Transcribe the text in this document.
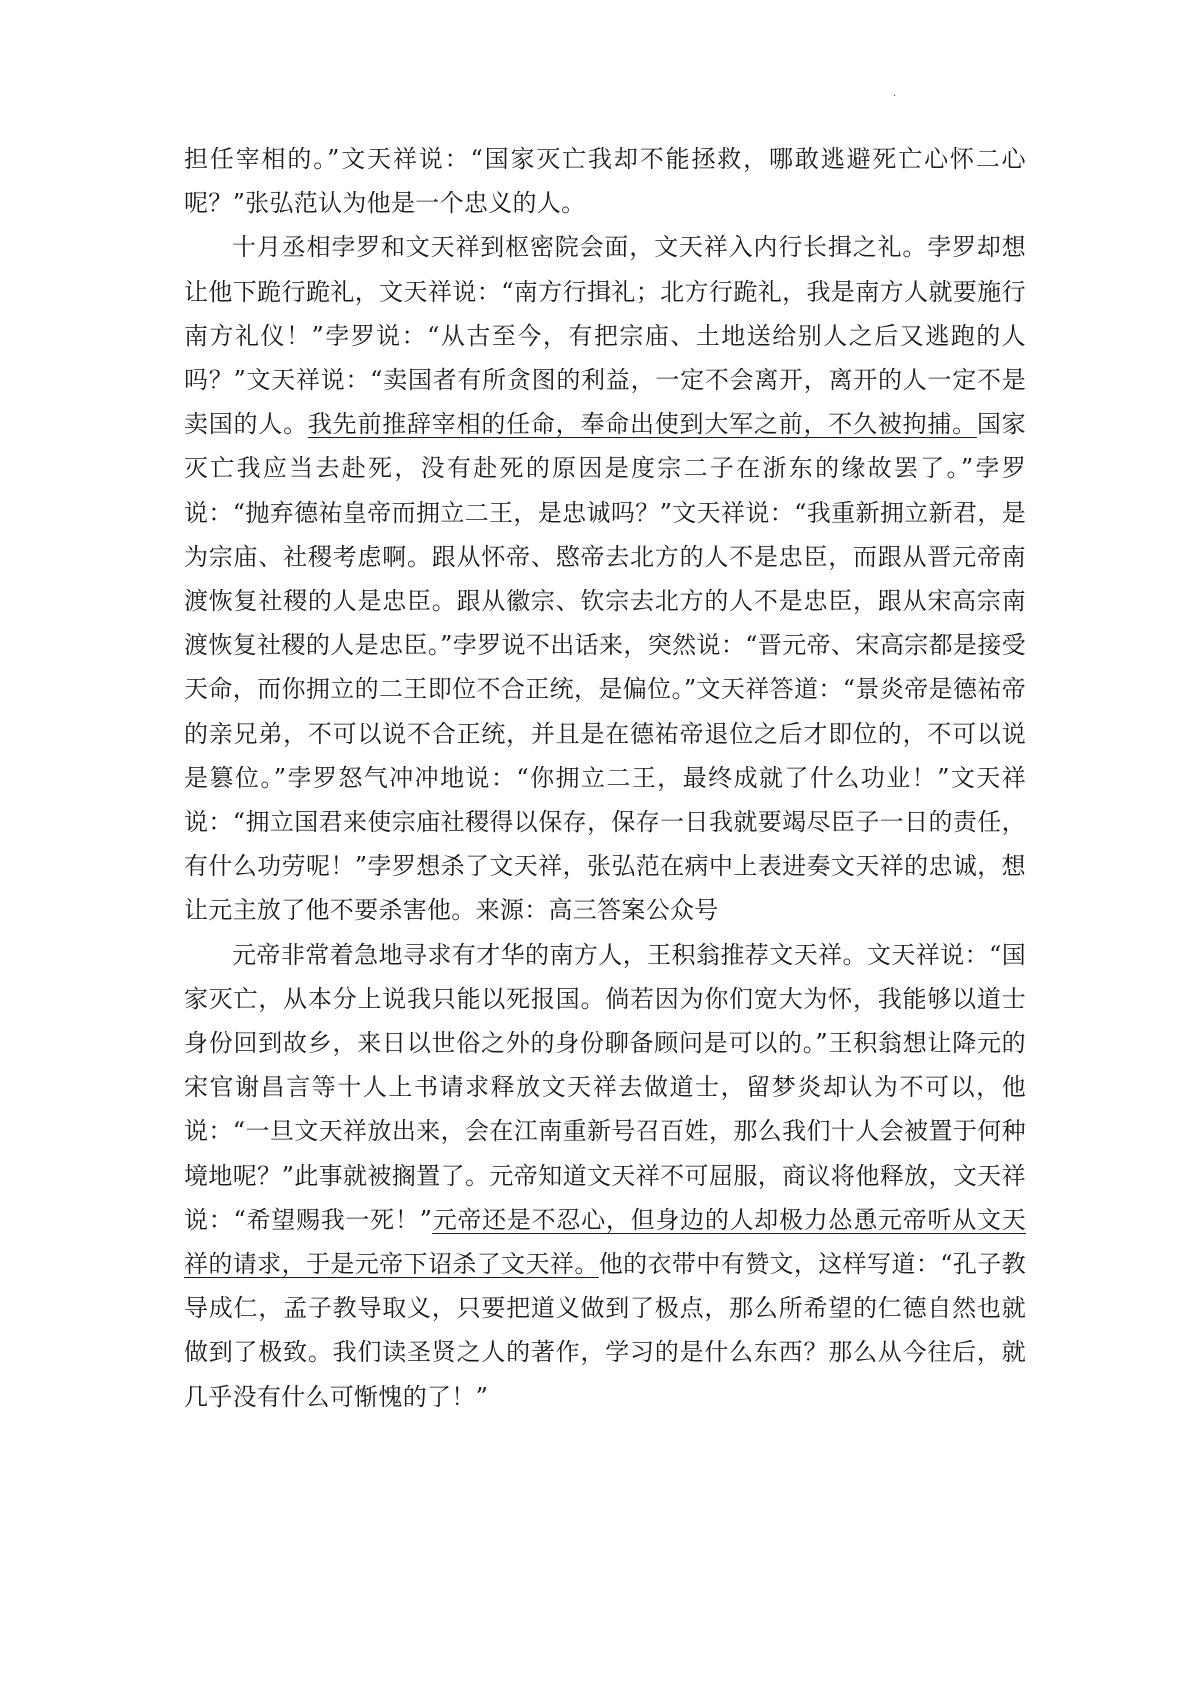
·

担任宰相的。”文天祥说：“国家灭亡我却不能拯救，哪敢逃避死亡心怀二心呢？”张弘范认为他是一个忠义的人。

十月丞相孛罗和文天祥到枢密院会面，文天祥入内行长揖之礼。孛罗却想让他下跪行跪礼，文天祥说：“南方行揖礼；北方行跪礼，我是南方人就要施行南方礼仪！”孛罗说：“从古至今，有把宗庙、土地送给别人之后又逃跑的人吗？”文天祥说：“卖国者有所贪图的利益，一定不会离开，离开的人一定不是卖国的人。我先前推辞宰相的任命，奉命出使到大军之前，不久被拘捕。国家灭亡我应当去赴死，没有赴死的原因是度宗二子在浙东的缘故罢了。”孛罗说：“抛弃德祐皇帝而拥立二王，是忠诚吗？”文天祥说：“我重新拥立新君，是为宗庙、社稷考虑啊。跟从怀帝、愍帝去北方的人不是忠臣，而跟从晋元帝南渡恢复社稷的人是忠臣。跟从徽宗、钦宗去北方的人不是忠臣，跟从宋高宗南渡恢复社稷的人是忠臣。”孛罗说不出话来，突然说：“晋元帝、宋高宗都是接受天命，而你拥立的二王即位不合正统，是偏位。”文天祥答道：“景炎帝是德祐帝的亲兄弟，不可以说不合正统，并且是在德祐帝退位之后才即位的，不可以说是篡位。”孛罗怒气冲冲地说：“你拥立二王，最终成就了什么功业！”文天祥说：“拥立国君来使宗庙社稷得以保存，保存一日我就要竭尽臣子一日的责任，有什么功劳呢！”孛罗想杀了文天祥，张弘范在病中上表进奏文天祥的忠诚，想让元主放了他不要杀害他。来源：高三答案公众号

元帝非常着急地寻求有才华的南方人，王积翁推荐文天祥。文天祥说：“国家灭亡，从本分上说我只能以死报国。倘若因为你们宽大为怀，我能够以道士身份回到故乡，来日以世俗之外的身份聊备顾问是可以的。”王积翁想让降元的宋官谢昌言等十人上书请求释放文天祥去做道士，留梦炎却认为不可以，他说：“一旦文天祥放出来，会在江南重新号召百姓，那么我们十人会被置于何种境地呢？”此事就被搁置了。元帝知道文天祥不可屈服，商议将他释放，文天祥说：“希望赐我一死！”元帝还是不忍心，但身边的人却极力怂恿元帝听从文天祥的请求，于是元帝下诏杀了文天祥。他的衣带中有赞文，这样写道：“孔子教导成仁，孟子教导取义，只要把道义做到了极点，那么所希望的仁德自然也就做到了极致。我们读圣贤之人的著作，学习的是什么东西？那么从今往后，就几乎没有什么可惭愧的了！”
